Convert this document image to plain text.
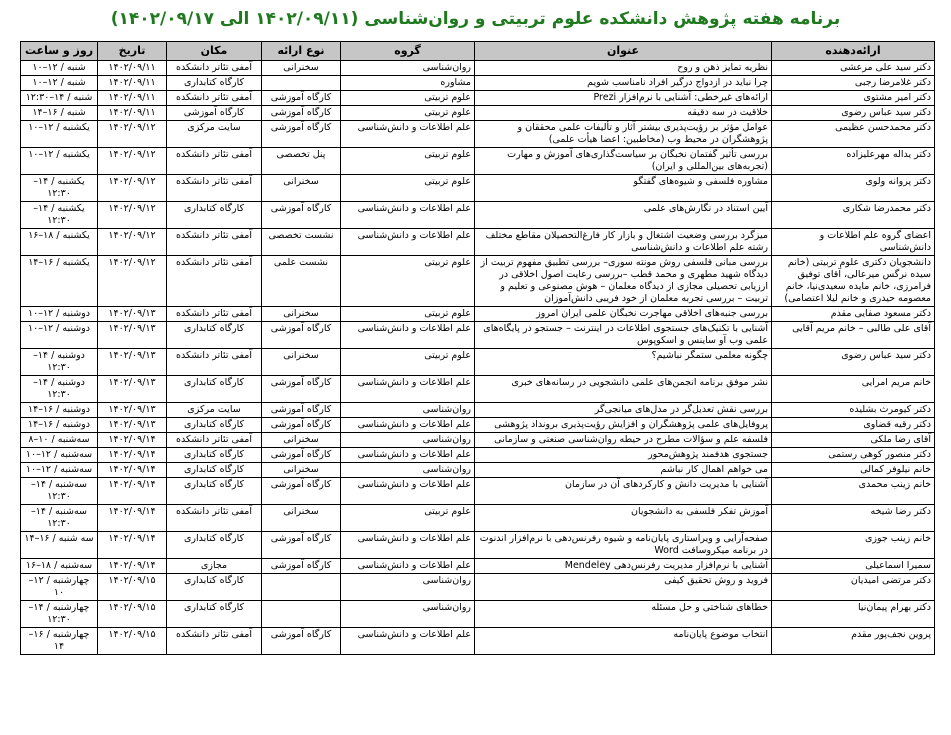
برنامه هفته پژوهش دانشکده علوم تربیتی و روان‌شناسی (۱۴۰۲/۰۹/۱۱ الی ۱۴۰۲/۰۹/۱۷)
ارائه‌دهنده	عنوان	گروه	نوع ارائه	مکان	تاریخ	روز و ساعت
دکتر سید علی مرعشی	نظریه تمایز ذهن و روح	روان‌شناسی	سخنرانی	آمفی تئاتر دانشکده	۱۴۰۲/۰۹/۱۱	شنبه / ۱۲–۱۰
دکتر غلامرضا رجبی	چرا نباید در ازدواج درگیر افراد نامناسب شویم	مشاوره		کارگاه کتابداری	۱۴۰۲/۰۹/۱۱	شنبه / ۱۲–۱۰
دکتر امیر مشتوی	ارائه‌های غیرخطی: آشنایی با نرم‌افزار Prezi	علوم تربیتی	کارگاه آموزشی	آمفی تئاتر دانشکده	۱۴۰۲/۰۹/۱۱	شنبه / ۱۴–۱۲:۳۰
دکتر سید عباس رضوی	خلاقیت در سه دقیقه	علوم تربیتی	کارگاه آموزشی	کارگاه آموزشی	۱۴۰۲/۰۹/۱۱	شنبه / ۱۶–۱۴
دکتر محمدحسن عظیمی	عوامل مؤثر بر رؤیت‌پذیری بیشتر آثار و تألیفات علمی محققان و پژوهشگران در محیط وب (مخاطبین: اعضا هیأت علمی)	علم اطلاعات و دانش‌شناسی	کارگاه آموزشی	سایت مرکزی	۱۴۰۲/۰۹/۱۲	یکشنبه / ۱۲–۱۰
دکتر یداله مهرعلیزاده	بررسی تأثیر گفتمان نخبگان بر سیاست‌گذاری‌های آموزش و مهارت (تجربه‌های بین‌المللی و ایران)	علوم تربیتی	پنل تخصصی	آمفی تئاتر دانشکده	۱۴۰۲/۰۹/۱۲	یکشنبه / ۱۲–۱۰
دکتر پروانه ولوی	مشاوره فلسفی و شیوه‌های گفتگو	علوم تربیتی	سخنرانی	آمفی تئاتر دانشکده	۱۴۰۲/۰۹/۱۲	یکشنبه / ۱۴–۱۲:۳۰
دکتر محمدرضا شکاری	آیین استناد در نگارش‌های علمی	علم اطلاعات و دانش‌شناسی	کارگاه آموزشی	کارگاه کتابداری	۱۴۰۲/۰۹/۱۲	یکشنبه / ۱۴–۱۲:۳۰
اعضای گروه علم اطلاعات و دانش‌شناسی	میزگرد بررسی وضعیت اشتغال و بازار کار فارغ‌التحصیلان مقاطع مختلف رشته علم اطلاعات و دانش‌شناسی	علم اطلاعات و دانش‌شناسی	نشست تخصصی	آمفی تئاتر دانشکده	۱۴۰۲/۰۹/۱۲	یکشنبه / ۱۸–۱۶
دانشجویان دکتری علوم تربیتی (خانم سیده نرگس میرعالی، آقای توفیق فرامرزی، خانم مایده سعیدی‌نیا، خانم معصومه حیدری و خانم لیلا اعتصامی)	بررسی مبانی فلسفی روش مونته سوری– بررسی تطبیق مفهوم تربیت از دیدگاه شهید مطهری و محمد قطب –بررسی رعایت اصول اخلاقی در ارزیابی تحصیلی مجازی از دیدگاه معلمان – هوش مصنوعی و تعلیم و تربیت – بررسی تجربه معلمان از خود فریبی دانش‌آموزان	علوم تربیتی	نشست علمی	آمفی تئاتر دانشکده	۱۴۰۲/۰۹/۱۲	یکشنبه / ۱۶–۱۴
دکتر مسعود صفایی مقدم	بررسی جنبه‌های اخلاقی مهاجرت نخبگان علمی ایران امروز	علوم تربیتی	سخنرانی	آمفی تئاتر دانشکده	۱۴۰۲/۰۹/۱۳	دوشنبه / ۱۲–۱۰
آقای علی طالبی – خانم مریم آقایی	آشنایی با تکنیک‌های جستجوی اطلاعات در اینترنت – جستجو در پایگاه‌های علمی وب آو ساینس و اسکوپوس	علم اطلاعات و دانش‌شناسی	کارگاه آموزشی	کارگاه کتابداری	۱۴۰۲/۰۹/۱۳	دوشنبه / ۱۲–۱۰
دکتر سید عباس رضوی	چگونه معلمی ستمگر نباشیم؟	علوم تربیتی	سخنرانی	آمفی تئاتر دانشکده	۱۴۰۲/۰۹/۱۳	دوشنبه / ۱۴–۱۲:۳۰
خانم مریم امرایی	نشر موفق برنامه انجمن‌های علمی دانشجویی در رسانه‌های خبری	علم اطلاعات و دانش‌شناسی	کارگاه آموزشی	کارگاه کتابداری	۱۴۰۲/۰۹/۱۳	دوشنبه / ۱۴–۱۲:۳۰
دکتر کیومرث بشلیده	بررسی نقش تعدیل‌گر در مدل‌های میانجی‌گر	روان‌شناسی	کارگاه آموزشی	سایت مرکزی	۱۴۰۲/۰۹/۱۳	دوشنبه / ۱۶–۱۴
دکتر رقیه قضاوی	پروفایل‌های علمی پژوهشگران و افزایش رؤیت‌پذیری برونداد پژوهشی	علم اطلاعات و دانش‌شناسی	کارگاه آموزشی	کارگاه کتابداری	۱۴۰۲/۰۹/۱۳	دوشنبه / ۱۶–۱۴
آقای رضا ملکی	فلسفه علم و سؤالات مطرح در حیطه روان‌شناسی صنعتی و سازمانی	روان‌شناسی	سخنرانی	آمفی تئاتر دانشکده	۱۴۰۲/۰۹/۱۴	سه‌شنبه / ۱۰–۸
دکتر منصور کوهی رستمی	جستجوی هدفمند پژوهش‌محور	علم اطلاعات و دانش‌شناسی	کارگاه آموزشی	کارگاه کتابداری	۱۴۰۲/۰۹/۱۴	سه‌شنبه / ۱۲–۱۰
خانم نیلوفر کمالی	می خواهم اهمال کار نباشم	روان‌شناسی	سخنرانی	کارگاه کتابداری	۱۴۰۲/۰۹/۱۴	سه‌شنبه / ۱۲–۱۰
خانم زینب محمدی	آشنایی با مدیریت دانش و کارکردهای آن در سازمان	علم اطلاعات و دانش‌شناسی	کارگاه آموزشی	کارگاه کتابداری	۱۴۰۲/۰۹/۱۴	سه‌شنبه / ۱۴–۱۲:۳۰
دکتر رضا شیخه	آموزش تفکر فلسفی به دانشجویان	علوم تربیتی	سخنرانی	آمفی تئاتر دانشکده	۱۴۰۲/۰۹/۱۴	سه‌شنبه / ۱۴–۱۲:۳۰
خانم زینب جوزی	صفحه‌آرایی و ویراستاری پایان‌نامه و شیوه رفرنس‌دهی با نرم‌افزار اندنوت در برنامه میکروسافت Word	علم اطلاعات و دانش‌شناسی	کارگاه آموزشی	کارگاه کتابداری	۱۴۰۲/۰۹/۱۴	سه شنبه / ۱۶–۱۴
سمیرا اسماعیلی	آشنایی با نرم‌افزار مدیریت رفرنس‌دهی Mendeley	علم اطلاعات و دانش‌شناسی	کارگاه آموزشی	مجازی	۱۴۰۲/۰۹/۱۴	سه‌شنبه / ۱۸–۱۶
دکتر مرتضی امیدیان	فروید و روش تحقیق کیفی	روان‌شناسی		کارگاه کتابداری	۱۴۰۲/۰۹/۱۵	چهارشنبه / ۱۲–۱۰
دکتر بهرام پیمان‌نیا	خطاهای شناختی و حل مسئله	روان‌شناسی		کارگاه کتابداری	۱۴۰۲/۰۹/۱۵	چهارشنبه / ۱۴–۱۲:۳۰
پروین نجف‌پور مقدم	انتخاب موضوع پایان‌نامه	علم اطلاعات و دانش‌شناسی	کارگاه آموزشی	آمفی تئاتر دانشکده	۱۴۰۲/۰۹/۱۵	چهارشنبه / ۱۶–۱۴
